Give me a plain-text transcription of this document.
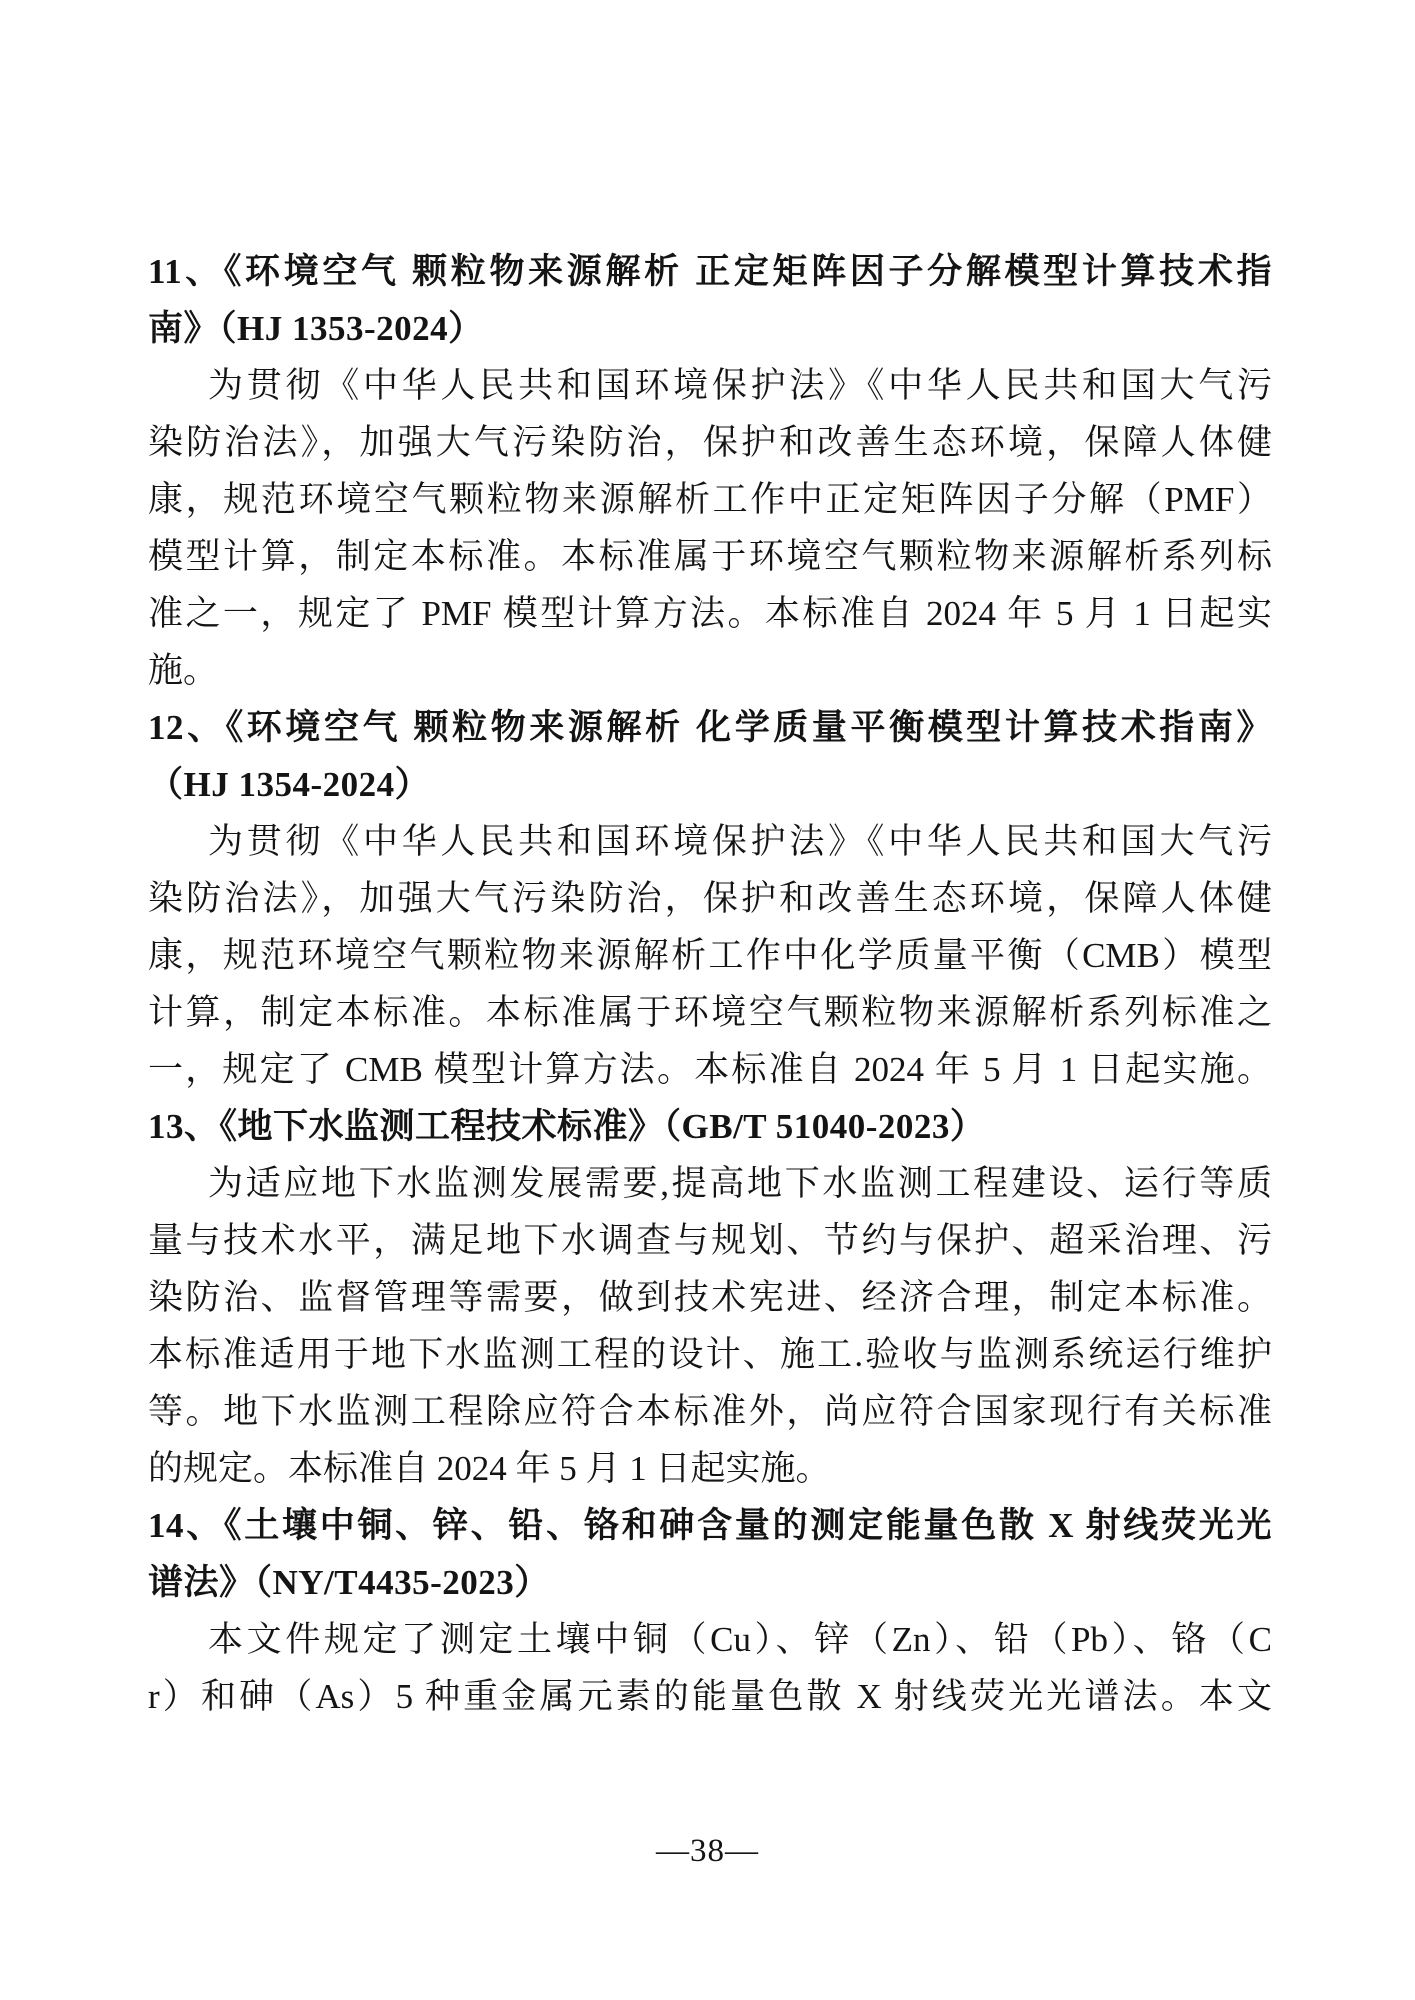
11、《环境空气 颗粒物来源解析 正定矩阵因子分解模型计算技术指
南》（HJ 1353-2024）
为贯彻《中华人民共和国环境保护法》《中华人民共和国大气污
染防治法》，加强大气污染防治，保护和改善生态环境，保障人体健
康，规范环境空气颗粒物来源解析工作中正定矩阵因子分解（PMF）
模型计算，制定本标准。本标准属于环境空气颗粒物来源解析系列标
准之一，规定了 PMF 模型计算方法。本标准自 2024 年 5 月 1 日起实
施。
12、《环境空气 颗粒物来源解析 化学质量平衡模型计算技术指南》
（HJ 1354-2024）
为贯彻《中华人民共和国环境保护法》《中华人民共和国大气污
染防治法》，加强大气污染防治，保护和改善生态环境，保障人体健
康，规范环境空气颗粒物来源解析工作中化学质量平衡（CMB）模型
计算，制定本标准。本标准属于环境空气颗粒物来源解析系列标准之
一，规定了 CMB 模型计算方法。本标准自 2024 年 5 月 1 日起实施。
13、《地下水监测工程技术标准》（GB/T 51040-2023）
为适应地下水监测发展需要,提高地下水监测工程建设、运行等质
量与技术水平，满足地下水调查与规划、节约与保护、超采治理、污
染防治、监督管理等需要，做到技术宪进、经济合理，制定本标准。
本标准适用于地下水监测工程的设计、施工.验收与监测系统运行维护
等。地下水监测工程除应符合本标准外，尚应符合国家现行有关标准
的规定。本标准自 2024 年 5 月 1 日起实施。
14、《土壤中铜、锌、铅、铬和砷含量的测定能量色散 X 射线荧光光
谱法》（NY/T4435-2023）
本文件规定了测定土壤中铜（Cu）、锌（Zn）、铅（Pb）、铬（C
r）和砷（As）5 种重金属元素的能量色散 X 射线荧光光谱法。本文
—38—
